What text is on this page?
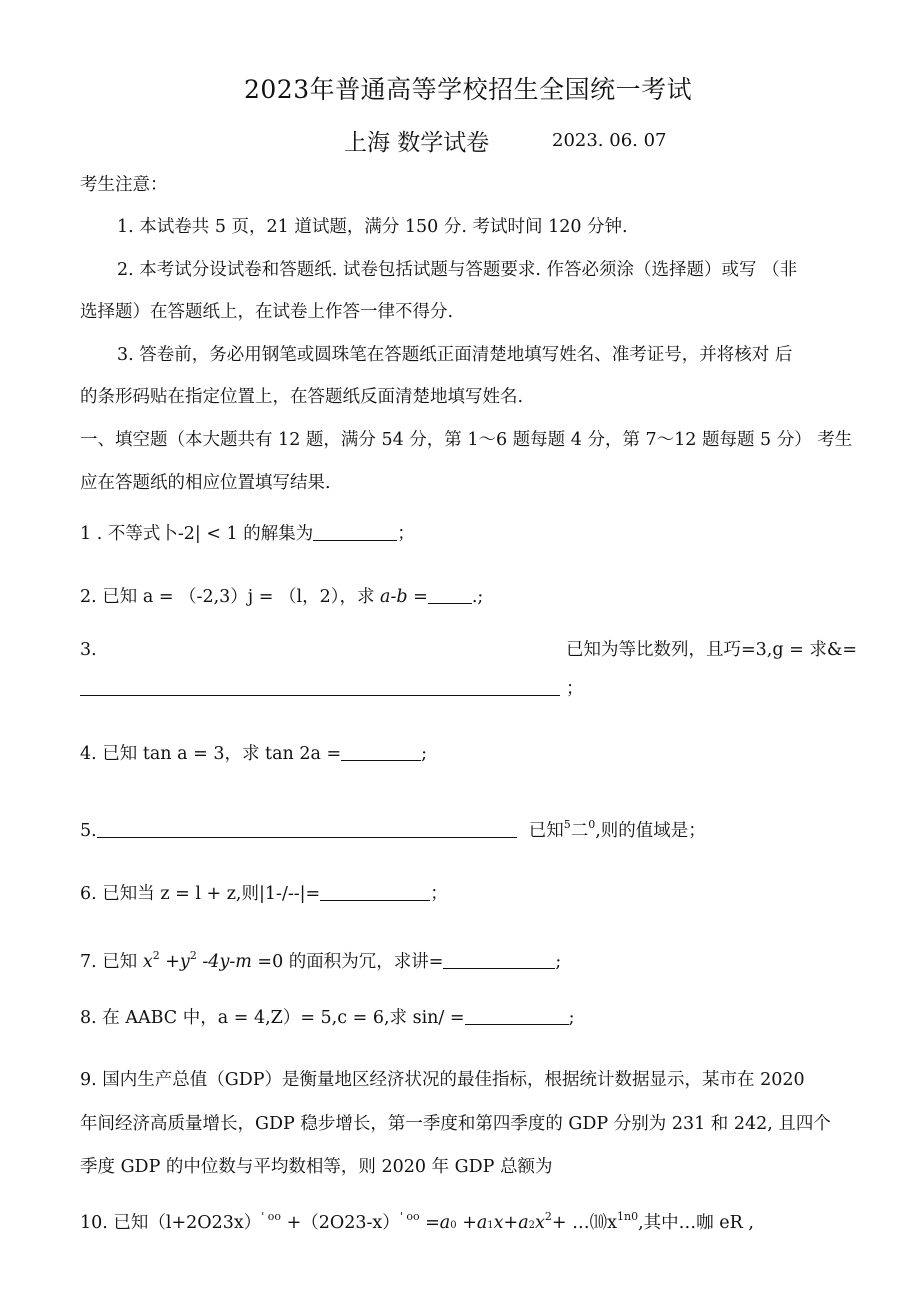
2023年普通高等学校招生全国统一考试
上海 数学试卷	2023. 06. 07
考生注意：
1. 本试卷共 5 页，21 道试题，满分 150 分. 考试时间 120 分钟.
2. 本考试分设试卷和答题纸. 试卷包括试题与答题要求. 作答必须涂（选择题）或写 （非
选择题）在答题纸上，在试卷上作答一律不得分.
3. 答卷前，务必用钢笔或圆珠笔在答题纸正面清楚地填写姓名、准考证号，并将核对 后
的条形码贴在指定位置上，在答题纸反面清楚地填写姓名.
一、填空题（本大题共有 12 题，满分 54 分，第 1～6 题每题 4 分，第 7～12 题每题 5 分） 考生
应在答题纸的相应位置填写结果.
1 . 不等式卜-2| < 1 的解集为	；
2. 已知 a = （-2,3）j = （l，2），求 a-b =	.;
3.	已知为等比数列，且巧=3,g = 求&=
；
4. 已知 tan a = 3，求 tan 2a =	;
5.	已知$^5$二$^0$,则的值域是；
6. 已知当 z = l + z,则|1-/--|=	；
7. 已知 $x^2 +y^2$ -4y-m =0 的面积为冗，求讲=	;
8. 在 AABC 中，a = 4,Z）= 5,c = 6,求 sin/ =	;
9. 国内生产总值（GDP）是衡量地区经济状况的最佳指标，根据统计数据显示，某市在 2020
年间经济高质量增长，GDP 稳步增长，第一季度和第四季度的 GDP 分别为 231 和 242, 且四个
季度 GDP 的中位数与平均数相等，则 2020 年 GDP 总额为
10. 已知$(l+2O23x)^{' oo} +(2O23-x)^{' oo} =a0 +a1x+a2x^2+$ $\dots ⑽x^{1n0}$,其中…咖 eR ,
